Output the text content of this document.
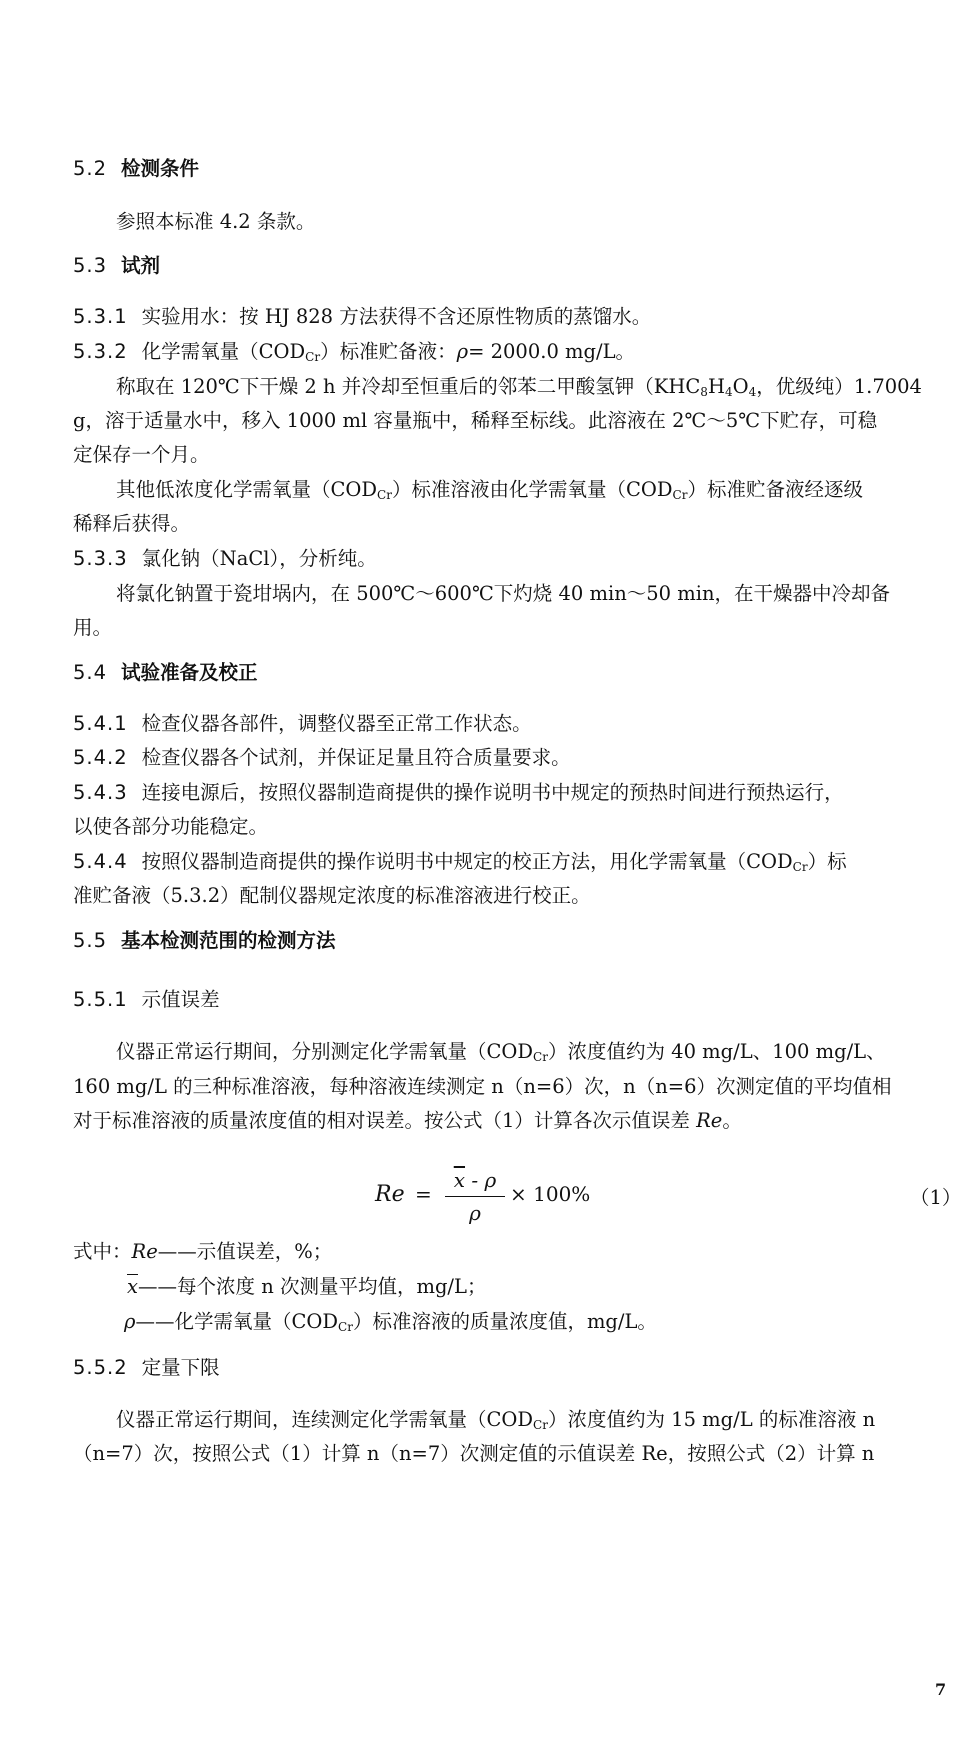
5.2 检测条件
参照本标准 4.2 条款。
5.3 试剂
5.3.1 实验用水：按 HJ 828 方法获得不含还原性物质的蒸馏水。
5.3.2 化学需氧量$(COD_{Cr})$标准贮备液：ρ= 2000.0 mg/L。
称取在 120℃下干燥 2 h 并冷却至恒重后的邻苯二甲酸氢钾（$KHC_8H_4O_4$，优级纯）1.7004
g，溶于适量水中，移入 1000 ml 容量瓶中，稀释至标线。此溶液在 2℃～5℃下贮存，可稳
定保存一个月。
其他低浓度化学需氧量$(COD_{Cr})$标准溶液由化学需氧量$(COD_{Cr})$标准贮备液经逐级
稀释后获得。
5.3.3 氯化钠（NaCl），分析纯。
将氯化钠置于瓷坩埚内，在 500℃～600℃下灼烧 40 min～50 min，在干燥器中冷却备
用。
5.4 试验准备及校正
5.4.1 检查仪器各部件，调整仪器至正常工作状态。
5.4.2 检查仪器各个试剂，并保证足量且符合质量要求。
5.4.3 连接电源后，按照仪器制造商提供的操作说明书中规定的预热时间进行预热运行，
以使各部分功能稳定。
5.4.4 按照仪器制造商提供的操作说明书中规定的校正方法，用化学需氧量$(COD_{Cr})$标
准贮备液（5.3.2）配制仪器规定浓度的标准溶液进行校正。
5.5 基本检测范围的检测方法
5.5.1 示值误差
仪器正常运行期间，分别测定化学需氧量$(COD_{Cr})$浓度值约为 40 mg/L、100 mg/L、
160 mg/L 的三种标准溶液，每种溶液连续测定 n（n=6）次，n（n=6）次测定值的平均值相
对于标准溶液的质量浓度值的相对误差。按公式（1）计算各次示值误差 Re。
Re =
$\overline{x}$ - ρ
ρ
× 100%	（1）
式中：Re——示值误差，%；
$\overline{x}——$每个浓度 n 次测量平均值，mg/L；
ρ——化学需氧量$(COD_{Cr})$标准溶液的质量浓度值，mg/L。
5.5.2 定量下限
仪器正常运行期间，连续测定化学需氧量$(COD_{Cr})$浓度值约为 15 mg/L 的标准溶液 n
（n=7）次，按照公式（1）计算 n（n=7）次测定值的示值误差 Re，按照公式（2）计算 n
7
